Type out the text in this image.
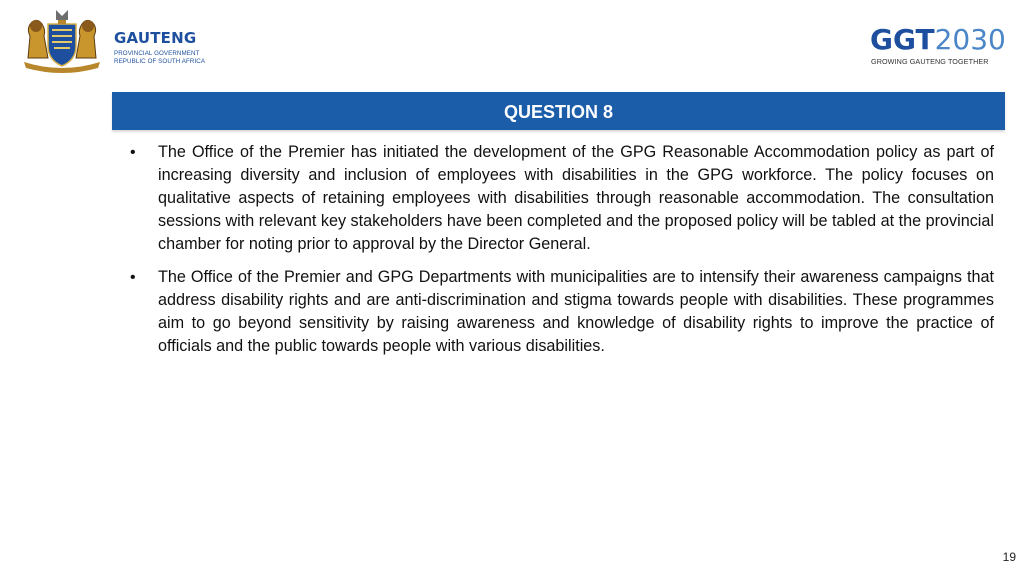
GAUTENG
PROVINCIAL GOVERNMENT
REPUBLIC OF SOUTH AFRICA
GGT2030
GROWING GAUTENG TOGETHER
QUESTION 8
• The Office of the Premier has initiated the development of the GPG Reasonable Accommodation policy as part of increasing diversity and inclusion of employees with disabilities in the GPG workforce. The policy focuses on qualitative aspects of retaining employees with disabilities through reasonable accommodation. The consultation sessions with relevant key stakeholders have been completed and the proposed policy will be tabled at the provincial chamber for noting prior to approval by the Director General.
• The Office of the Premier and GPG Departments with municipalities are to intensify their awareness campaigns that address disability rights and are anti-discrimination and stigma towards people with disabilities. These programmes aim to go beyond sensitivity by raising awareness and knowledge of disability rights to improve the practice of officials and the public towards people with various disabilities.
19
